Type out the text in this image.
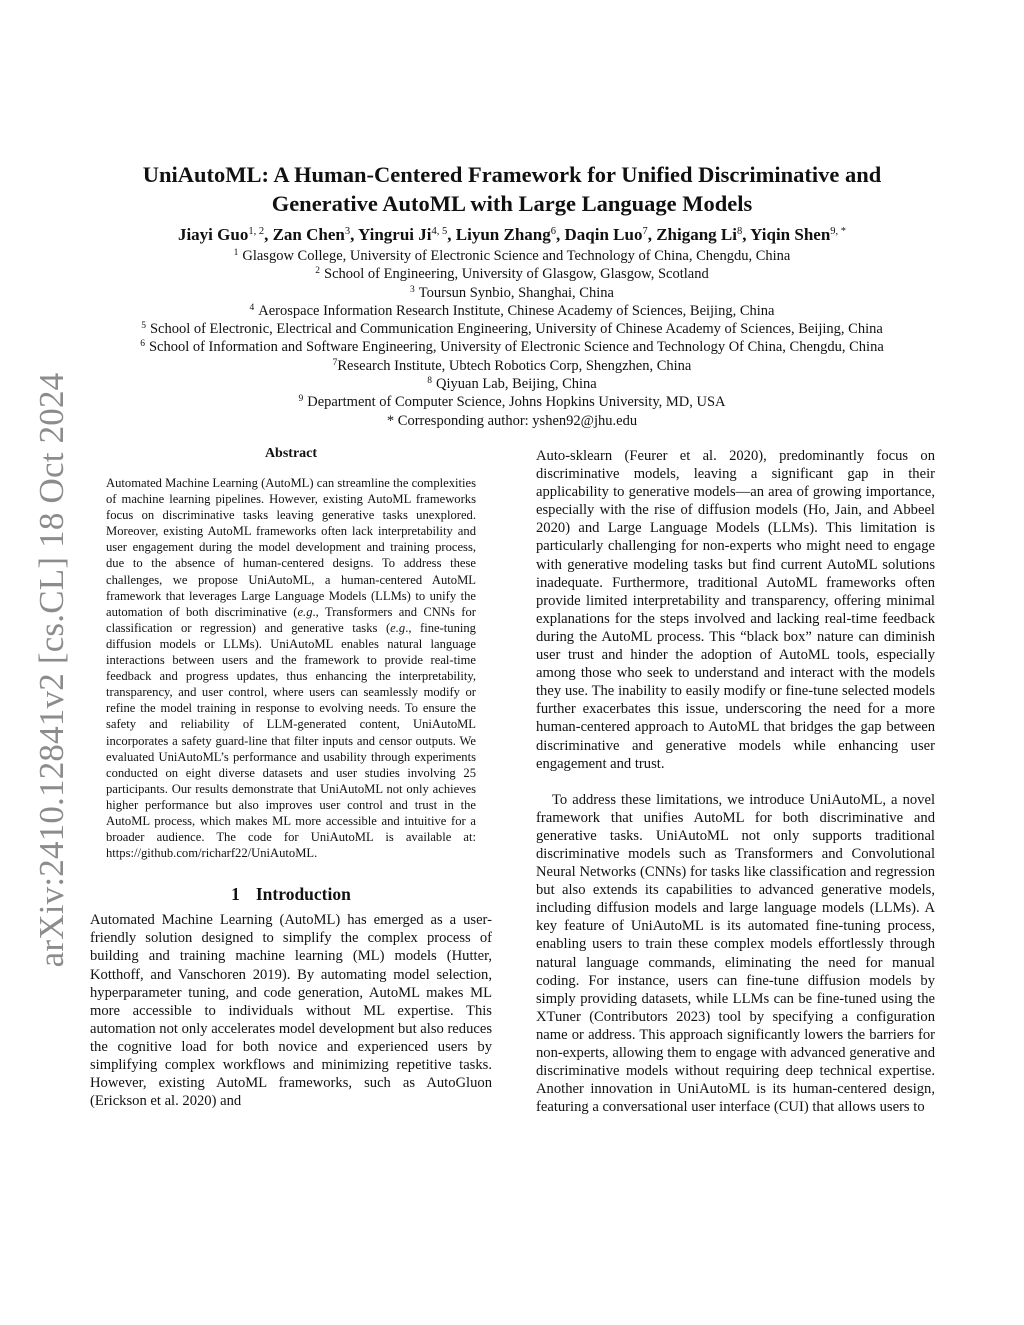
arXiv:2410.12841v2 [cs.CL] 18 Oct 2024
UniAutoML: A Human-Centered Framework for Unified Discriminative and
Generative AutoML with Large Language Models
Jiayi Guo$^{1, 2}$, Zan Chen$^3$, Yingrui Ji$^{4, 5}$, Liyun Zhang$^6$, Daqin Luo$^7$, Zhigang Li$^8$, Yiqin Shen$^{9, *}$
$^1$ Glasgow College, University of Electronic Science and Technology of China, Chengdu, China
$^2$ School of Engineering, University of Glasgow, Glasgow, Scotland
$^3$ Toursun Synbio, Shanghai, China
$^4$ Aerospace Information Research Institute, Chinese Academy of Sciences, Beijing, China
$^5$ School of Electronic, Electrical and Communication Engineering, University of Chinese Academy of Sciences, Beijing, China
$^6$ School of Information and Software Engineering, University of Electronic Science and Technology Of China, Chengdu, China
$^7$Research Institute, Ubtech Robotics Corp, Shengzhen, China
$^8$ Qiyuan Lab, Beijing, China
$^9$ Department of Computer Science, Johns Hopkins University, MD, USA
* Corresponding author: yshen92@jhu.edu
Abstract

Automated Machine Learning (AutoML) can streamline the complexities of machine learning pipelines. However, existing AutoML frameworks focus on discriminative tasks leaving generative tasks unexplored. Moreover, existing AutoML frameworks often lack interpretability and user engagement during the model development and training process, due to the absence of human-centered designs. To address these challenges, we propose UniAutoML, a human-centered AutoML framework that leverages Large Language Models (LLMs) to unify the automation of both discriminative (e.g., Transformers and CNNs for classification or regression) and generative tasks (e.g., fine-tuning diffusion models or LLMs). UniAutoML enables natural language interactions between users and the framework to provide real-time feedback and progress updates, thus enhancing the interpretability, transparency, and user control, where users can seamlessly modify or refine the model training in response to evolving needs. To ensure the safety and reliability of LLM-generated content, UniAutoML incorporates a safety guard-line that filter inputs and censor outputs. We evaluated UniAutoML’s performance and usability through experiments conducted on eight diverse datasets and user studies involving 25 participants. Our results demonstrate that UniAutoML not only achieves higher performance but also improves user control and trust in the AutoML process, which makes ML more accessible and intuitive for a broader audience. The code for UniAutoML is available at: https://github.com/richarf22/UniAutoML.

1 Introduction

Automated Machine Learning (AutoML) has emerged as a user-friendly solution designed to simplify the complex process of building and training machine learning (ML) models (Hutter, Kotthoff, and Vanschoren 2019). By automating model selection, hyperparameter tuning, and code generation, AutoML makes ML more accessible to individuals without ML expertise. This automation not only accelerates model development but also reduces the cognitive load for both novice and experienced users by simplifying complex workflows and minimizing repetitive tasks. However, existing AutoML frameworks, such as AutoGluon (Erickson et al. 2020) and

Auto-sklearn (Feurer et al. 2020), predominantly focus on discriminative models, leaving a significant gap in their applicability to generative models—an area of growing importance, especially with the rise of diffusion models (Ho, Jain, and Abbeel 2020) and Large Language Models (LLMs). This limitation is particularly challenging for non-experts who might need to engage with generative modeling tasks but find current AutoML solutions inadequate. Furthermore, traditional AutoML frameworks often provide limited interpretability and transparency, offering minimal explanations for the steps involved and lacking real-time feedback during the AutoML process. This “black box” nature can diminish user trust and hinder the adoption of AutoML tools, especially among those who seek to understand and interact with the models they use. The inability to easily modify or fine-tune selected models further exacerbates this issue, underscoring the need for a more human-centered approach to AutoML that bridges the gap between discriminative and generative models while enhancing user engagement and trust.

To address these limitations, we introduce UniAutoML, a novel framework that unifies AutoML for both discriminative and generative tasks. UniAutoML not only supports traditional discriminative models such as Transformers and Convolutional Neural Networks (CNNs) for tasks like classification and regression but also extends its capabilities to advanced generative models, including diffusion models and large language models (LLMs). A key feature of UniAutoML is its automated fine-tuning process, enabling users to train these complex models effortlessly through natural language commands, eliminating the need for manual coding. For instance, users can fine-tune diffusion models by simply providing datasets, while LLMs can be fine-tuned using the XTuner (Contributors 2023) tool by specifying a configuration name or address. This approach significantly lowers the barriers for non-experts, allowing them to engage with advanced generative and discriminative models without requiring deep technical expertise. Another innovation in UniAutoML is its human-centered design, featuring a conversational user interface (CUI) that allows users to
